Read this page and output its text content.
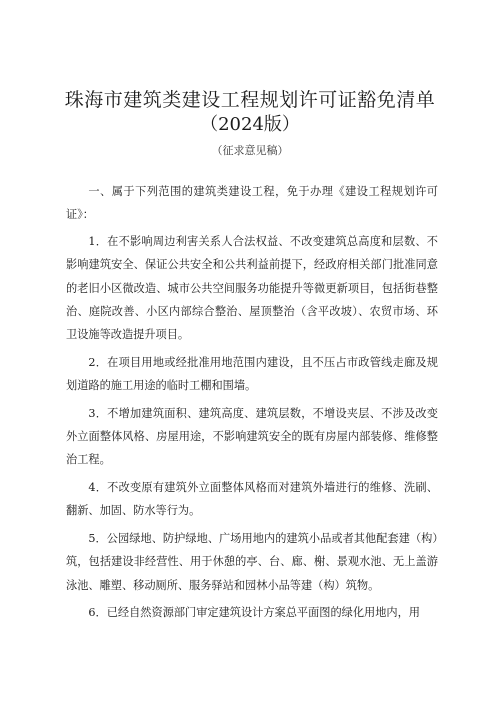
珠海市建筑类建设工程规划许可证豁免清单
（2024版）
（征求意见稿）

一、属于下列范围的建筑类建设工程，免于办理《建设工程规划许可证》：

1．在不影响周边利害关系人合法权益、不改变建筑总高度和层数、不影响建筑安全、保证公共安全和公共利益前提下，经政府相关部门批准同意的老旧小区微改造、城市公共空间服务功能提升等微更新项目，包括街巷整治、庭院改善、小区内部综合整治、屋顶整治（含平改坡）、农贸市场、环卫设施等改造提升项目。

2．在项目用地或经批准用地范围内建设，且不压占市政管线走廊及规划道路的施工用途的临时工棚和围墙。

3．不增加建筑面积、建筑高度、建筑层数，不增设夹层、不涉及改变外立面整体风格、房屋用途，不影响建筑安全的既有房屋内部装修、维修整治工程。

4．不改变原有建筑外立面整体风格而对建筑外墙进行的维修、洗刷、翻新、加固、防水等行为。

5．公园绿地、防护绿地、广场用地内的建筑小品或者其他配套建（构）筑，包括建设非经营性、用于休憩的亭、台、廊、榭、景观水池、无上盖游泳池、雕塑、移动厕所、服务驿站和园林小品等建（构）筑物。

6．已经自然资源部门审定建筑设计方案总平面图的绿化用地内，用
